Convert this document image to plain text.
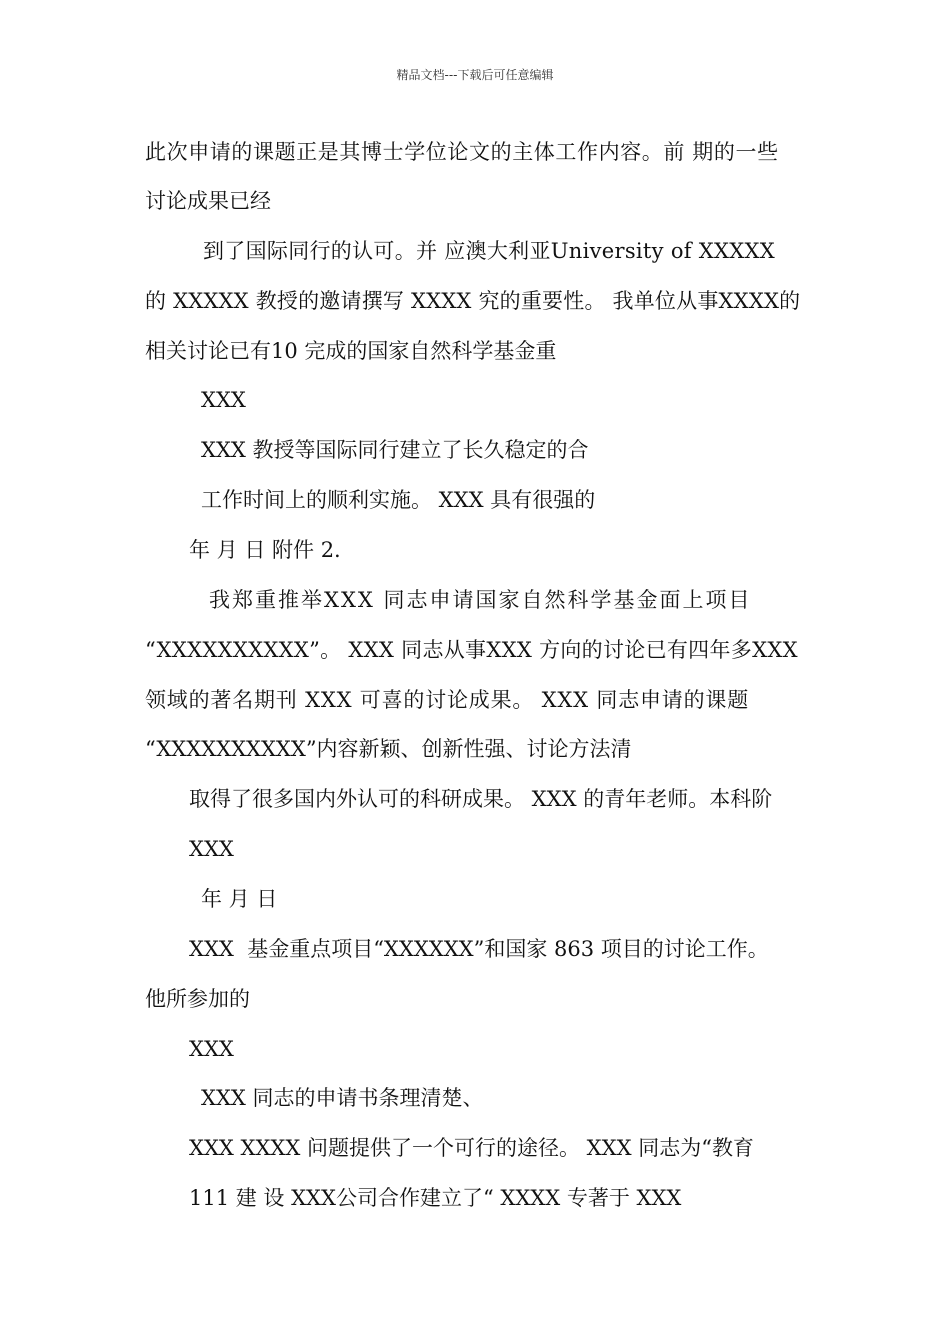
精品文档---下载后可任意编辑
此次申请的课题正是其博士学位论文的主体工作内容。前 期的一些
讨论成果已经
到了国际同行的认可。并 应澳大利亚University of XXXXX
的 XXXXX 教授的邀请撰写 XXXX 究的重要性。 我单位从事XXXX的
相关讨论已有10 完成的国家自然科学基金重
XXX
XXX 教授等国际同行建立了长久稳定的合
工作时间上的顺利实施。 XXX 具有很强的
年 月 日 附件 2.
我郑重推举XXX 同志申请国家自然科学基金面上项目
“XXXXXXXXXX”。 XXX 同志从事XXX 方向的讨论已有四年多XXX
领域的著名期刊 XXX 可喜的讨论成果。 XXX 同志申请的课题
“XXXXXXXXXX”内容新颖、创新性强、讨论方法清
取得了很多国内外认可的科研成果。 XXX 的青年老师。本科阶
XXX
年 月 日
XXX  基金重点项目“XXXXXX”和国家 863 项目的讨论工作。
他所参加的
XXX
XXX 同志的申请书条理清楚、
XXX XXXX 问题提供了一个可行的途径。 XXX 同志为“教育
111 建 设 XXX公司合作建立了“ XXXX 专著于 XXX
